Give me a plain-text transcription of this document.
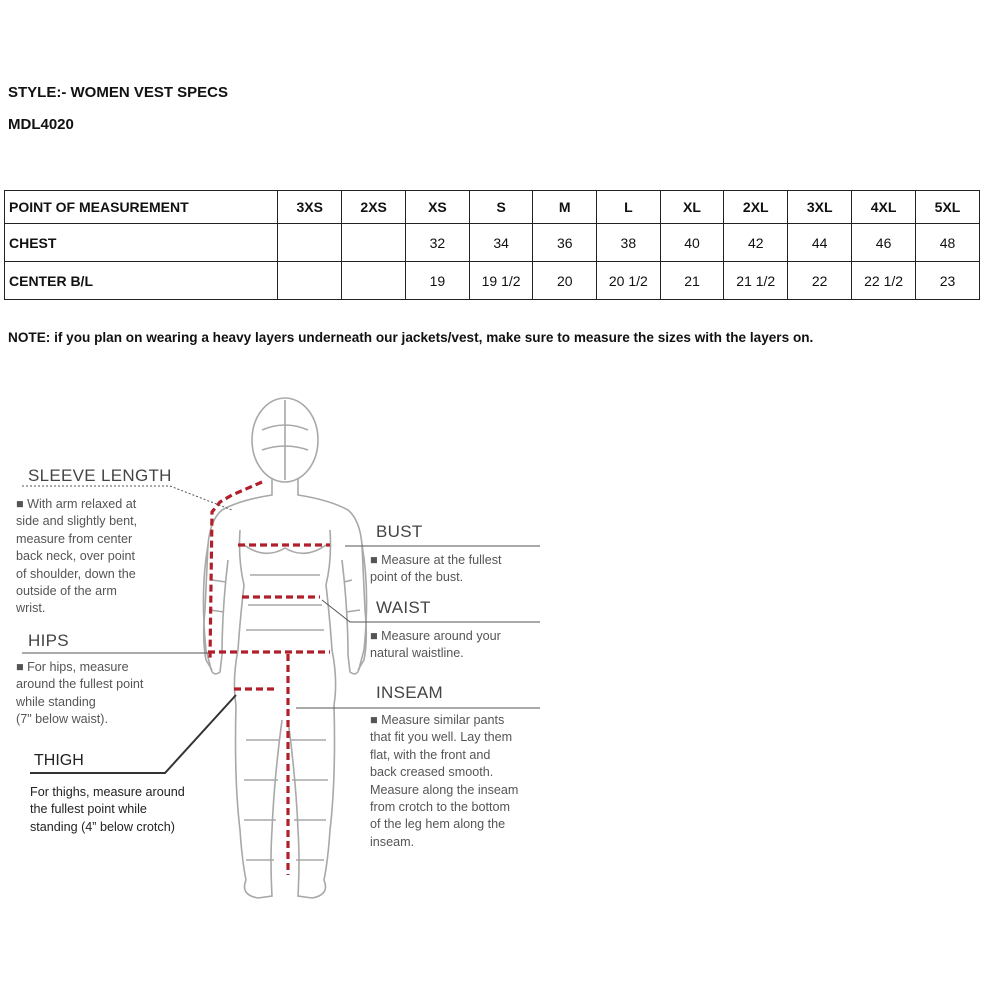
STYLE:- WOMEN VEST SPECS
MDL4020
POINT OF MEASUREMENT	3XS	2XS	XS	S	M	L	XL	2XL	3XL	4XL	5XL
CHEST			32	34	36	38	40	42	44	46	48
CENTER B/L			19	19 1/2	20	20 1/2	21	21 1/2	22	22 1/2	23
NOTE: if you plan on wearing a heavy layers underneath our jackets/vest, make sure to measure the sizes with the layers on.
SLEEVE LENGTH
■ With arm relaxed at
side and slightly bent,
measure from center
back neck, over point
of shoulder, down the
outside of the arm
wrist.
HIPS
■ For hips, measure
around the fullest point
while standing
(7" below waist).
THIGH
For thighs, measure around
the fullest point while
standing (4” below crotch)
BUST
■ Measure at the fullest
point of the bust.
WAIST
■ Measure around your
natural waistline.
INSEAM
■ Measure similar pants
that fit you well. Lay them
flat, with the front and
back creased smooth.
Measure along the inseam
from crotch to the bottom
of the leg hem along the
inseam.
